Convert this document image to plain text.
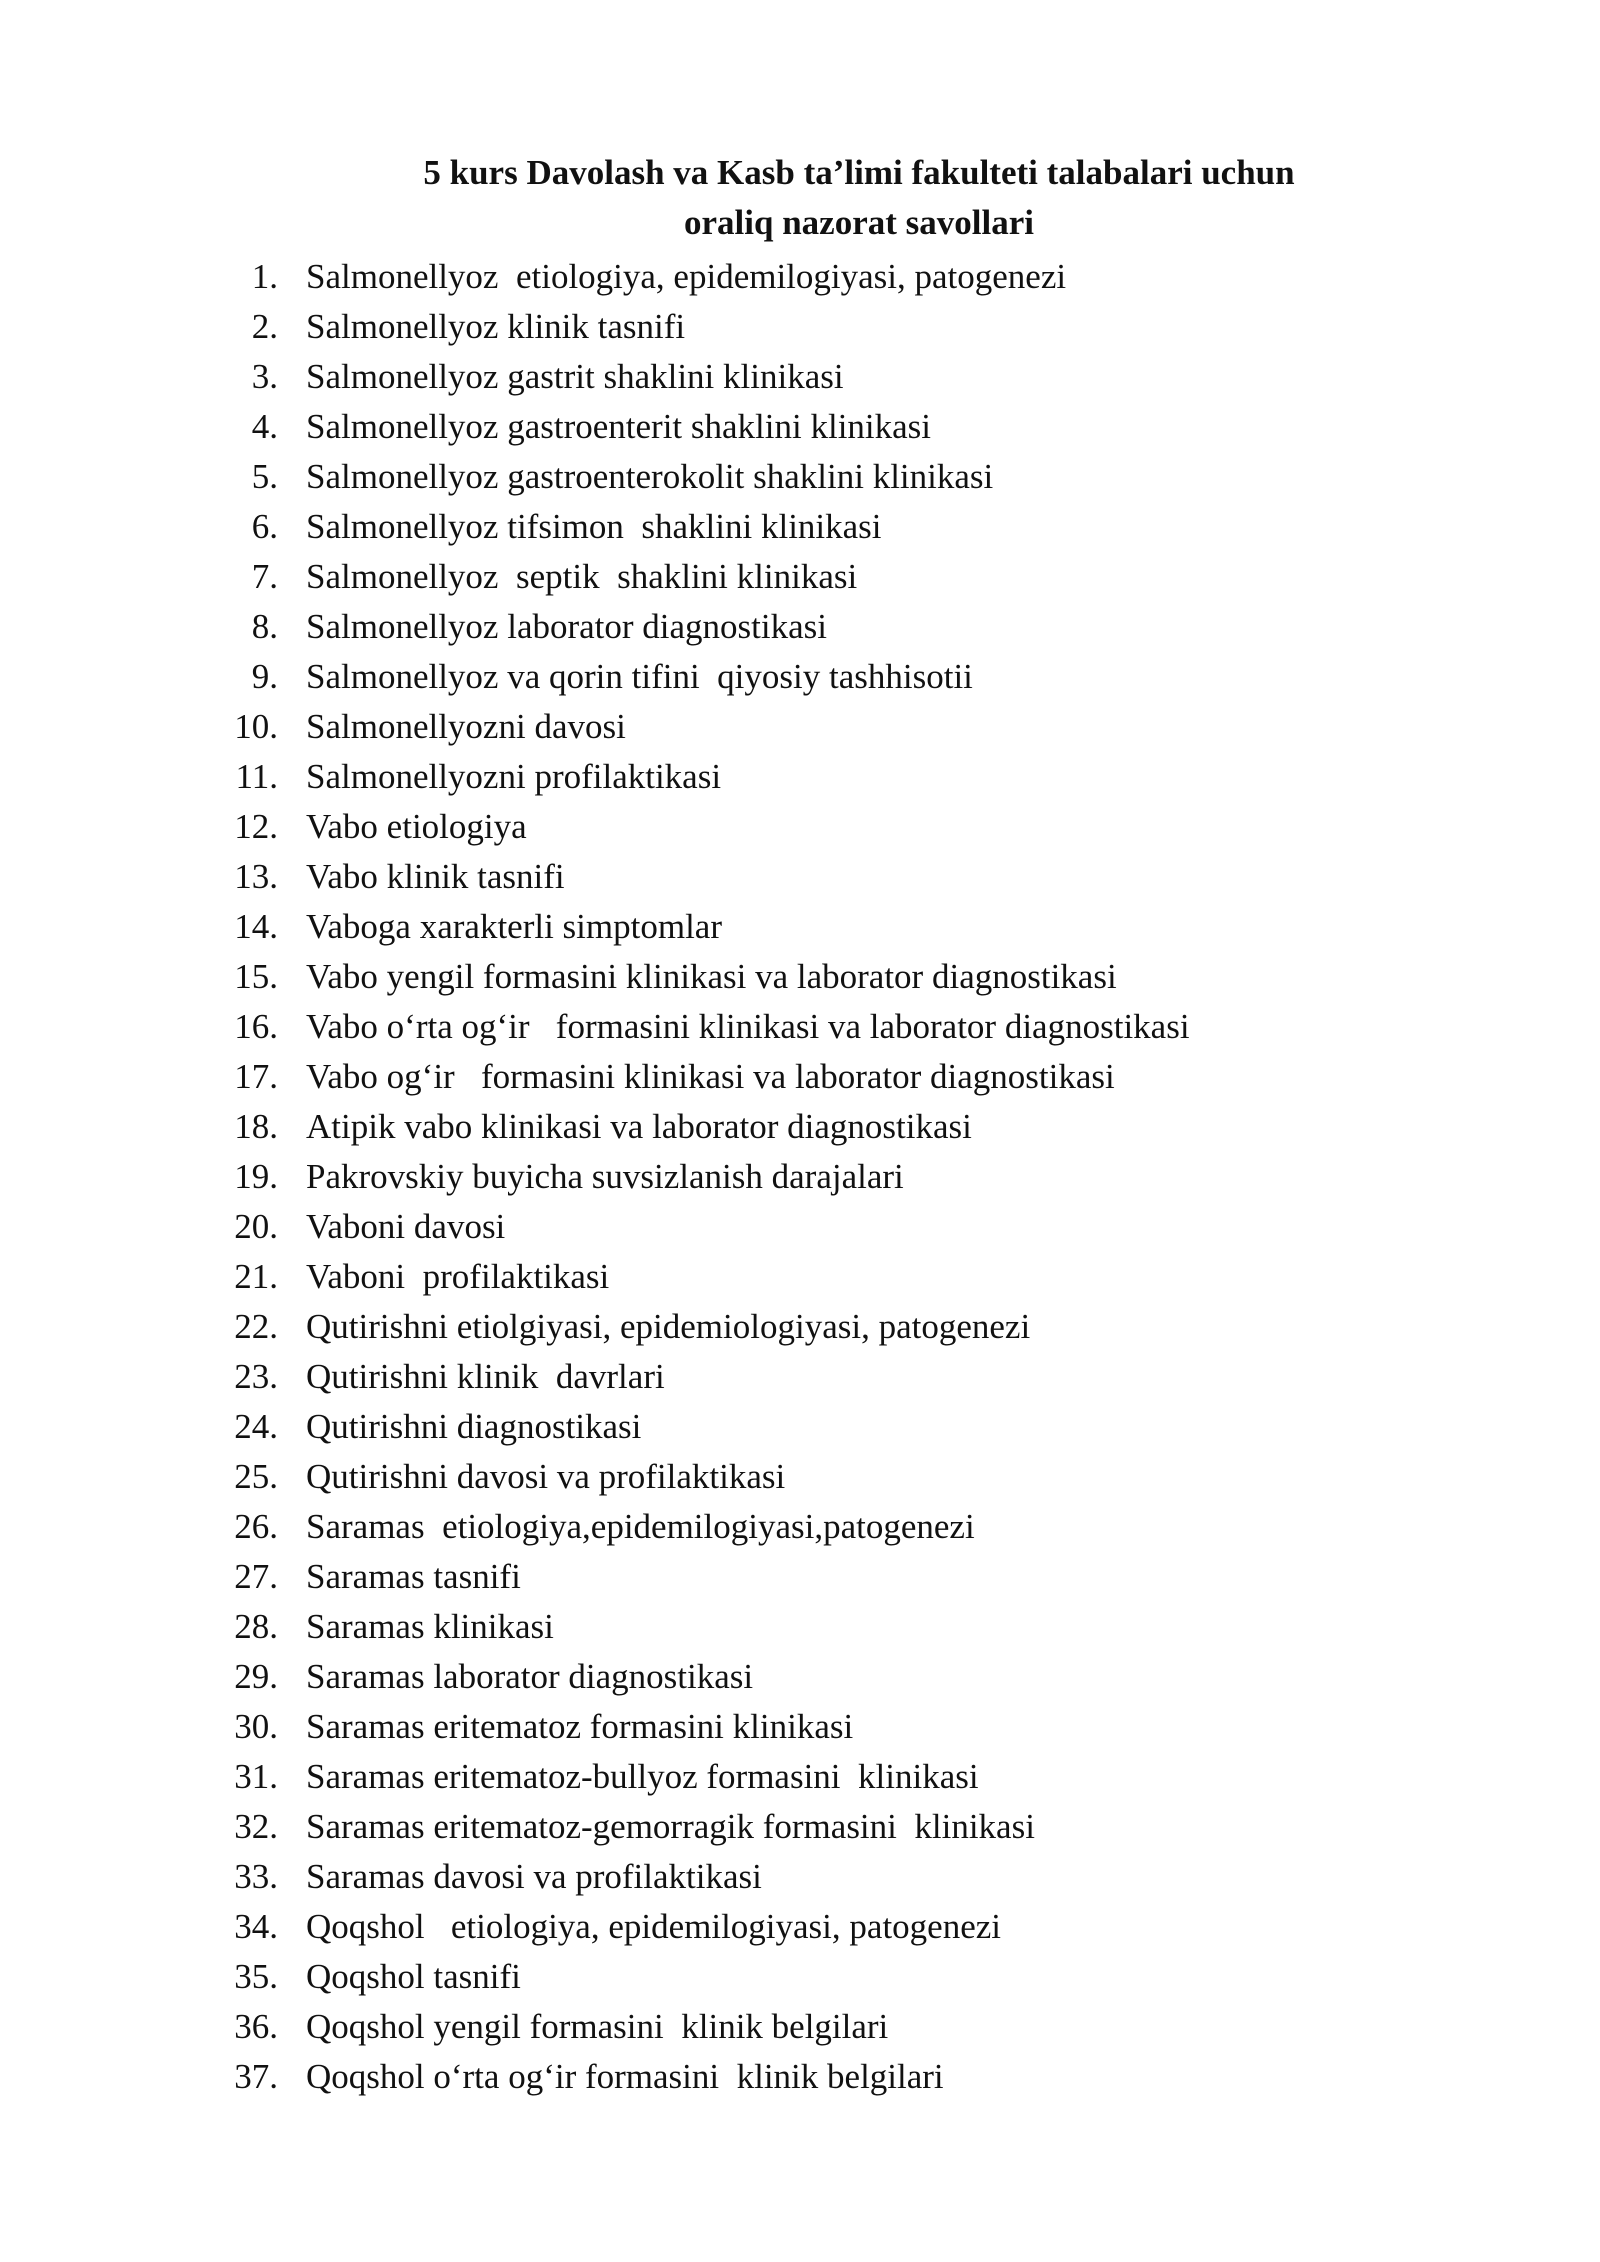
5 kurs Davolash va Kasb ta’limi fakulteti talabalari uchun
oraliq nazorat savollari
1. Salmonellyoz  etiologiya, epidemilogiyasi, patogenezi
2. Salmonellyoz klinik tasnifi
3. Salmonellyoz gastrit shaklini klinikasi
4. Salmonellyoz gastroenterit shaklini klinikasi
5. Salmonellyoz gastroenterokolit shaklini klinikasi
6. Salmonellyoz tifsimon  shaklini klinikasi
7. Salmonellyoz  septik  shaklini klinikasi
8. Salmonellyoz laborator diagnostikasi
9. Salmonellyoz va qorin tifini  qiyosiy tashhisotii
10. Salmonellyozni davosi
11. Salmonellyozni profilaktikasi
12. Vabo etiologiya
13. Vabo klinik tasnifi
14. Vaboga xarakterli simptomlar
15. Vabo yengil formasini klinikasi va laborator diagnostikasi
16. Vabo o‘rta og‘ir   formasini klinikasi va laborator diagnostikasi
17. Vabo og‘ir   formasini klinikasi va laborator diagnostikasi
18. Atipik vabo klinikasi va laborator diagnostikasi
19. Pakrovskiy buyicha suvsizlanish darajalari
20. Vaboni davosi
21. Vaboni  profilaktikasi
22. Qutirishni etiolgiyasi, epidemiologiyasi, patogenezi
23. Qutirishni klinik  davrlari
24. Qutirishni diagnostikasi
25. Qutirishni davosi va profilaktikasi
26. Saramas  etiologiya,epidemilogiyasi,patogenezi
27. Saramas tasnifi
28. Saramas klinikasi
29. Saramas laborator diagnostikasi
30. Saramas eritematoz formasini klinikasi
31. Saramas eritematoz-bullyoz formasini  klinikasi
32. Saramas eritematoz-gemorragik formasini  klinikasi
33. Saramas davosi va profilaktikasi
34. Qoqshol   etiologiya, epidemilogiyasi, patogenezi
35. Qoqshol tasnifi
36. Qoqshol yengil formasini  klinik belgilari
37. Qoqshol o‘rta og‘ir formasini  klinik belgilari
